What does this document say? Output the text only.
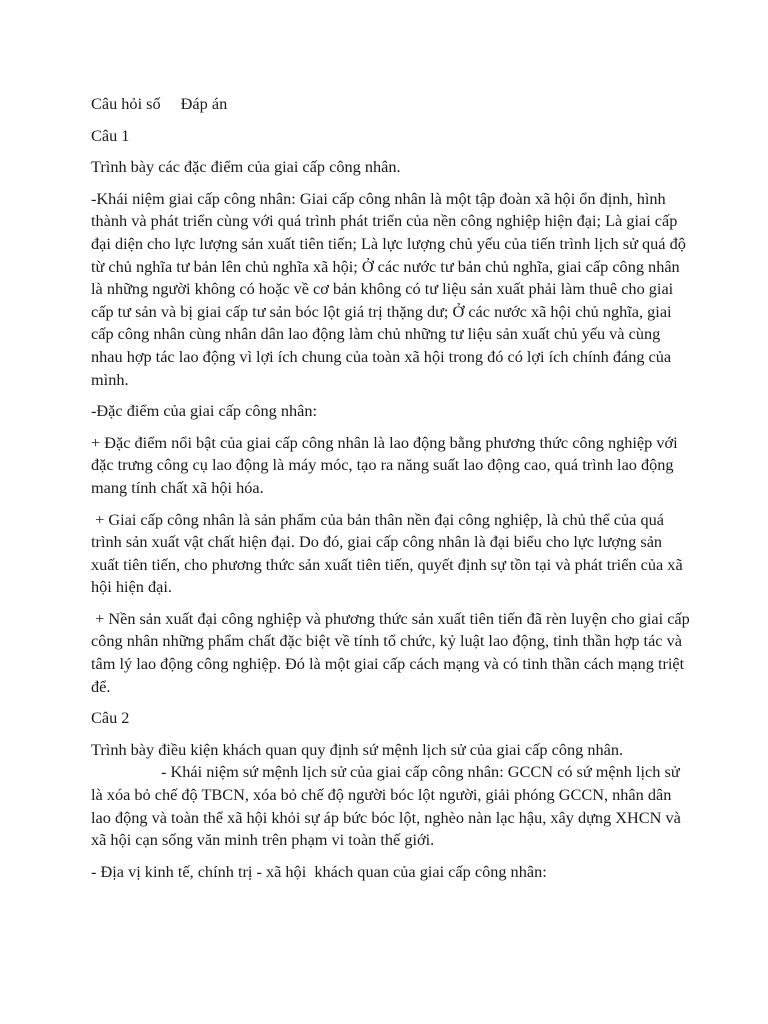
Câu hỏi số Đáp án

Câu 1

Trình bày các đặc điểm của giai cấp công nhân.

-Khái niệm giai cấp công nhân: Giai cấp công nhân là một tập đoàn xã hội ổn định, hình thành và phát triển cùng với quá trình phát triển của nền công nghiệp hiện đại; Là giai cấp đại diện cho lực lượng sản xuất tiên tiến; Là lực lượng chủ yếu của tiến trình lịch sử quá độ từ chủ nghĩa tư bản lên chủ nghĩa xã hội; Ở các nước tư bản chủ nghĩa, giai cấp công nhân là những người không có hoặc về cơ bản không có tư liệu sản xuất phải làm thuê cho giai cấp tư sản và bị giai cấp tư sản bóc lột giá trị thặng dư; Ở các nước xã hội chủ nghĩa, giai cấp công nhân cùng nhân dân lao động làm chủ những tư liệu sản xuất chủ yếu và cùng nhau hợp tác lao động vì lợi ích chung của toàn xã hội trong đó có lợi ích chính đáng của mình.

-Đặc điểm của giai cấp công nhân:

+ Đặc điểm nổi bật của giai cấp công nhân là lao động bằng phương thức công nghiệp với đặc trưng công cụ lao động là máy móc, tạo ra năng suất lao động cao, quá trình lao động mang tính chất xã hội hóa.

+ Giai cấp công nhân là sản phẩm của bản thân nền đại công nghiệp, là chủ thể của quá trình sản xuất vật chất hiện đại. Do đó, giai cấp công nhân là đại biểu cho lực lượng sản xuất tiên tiến, cho phương thức sản xuất tiên tiến, quyết định sự tồn tại và phát triển của xã hội hiện đại.

+ Nền sản xuất đại công nghiệp và phương thức sản xuất tiên tiến đã rèn luyện cho giai cấp công nhân những phẩm chất đặc biệt về tính tổ chức, kỷ luật lao động, tinh thần hợp tác và tâm lý lao động công nghiệp. Đó là một giai cấp cách mạng và có tinh thần cách mạng triệt để.

Câu 2

Trình bày điều kiện khách quan quy định sứ mệnh lịch sử của giai cấp công nhân.

- Khái niệm sứ mệnh lịch sử của giai cấp công nhân: GCCN có sứ mệnh lịch sử là xóa bỏ chế độ TBCN, xóa bỏ chế độ người bóc lột người, giải phóng GCCN, nhân dân lao động và toàn thể xã hội khỏi sự áp bức bóc lột, nghèo nàn lạc hậu, xây dựng XHCN và xã hội cạn sống văn minh trên phạm vi toàn thế giới.

- Địa vị kinh tế, chính trị - xã hội  khách quan của giai cấp công nhân:
